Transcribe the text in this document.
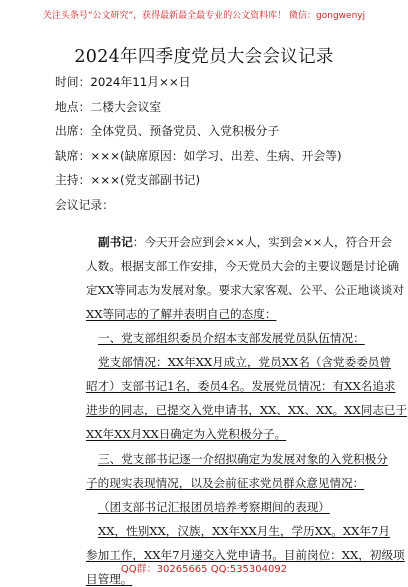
关注头条号“公文研究”，获得最新最全最专业的公文资料库！ 微信：gongwenyj
2024年四季度党员大会会议记录
时间：2024年11月××日
地点：二楼大会议室
出席：全体党员、预备党员、入党积极分子
缺席：×××(缺席原因：如学习、出差、生病、开会等)
主持：×××(党支部副书记)
会议记录：
副书记：今天开会应到会××人，实到会××人，符合开会
人数。根据支部工作安排，今天党员大会的主要议题是讨论确
定XX等同志为发展对象。要求大家客观、公平、公正地谈谈对
XX等同志的了解并表明自己的态度：
一、党支部组织委员介绍本支部发展党员队伍情况：
党支部情况：XX年XX月成立，党员XX名（含党委委员曾
昭才）支部书记1名，委员4名。发展党员情况：有XX名追求
进步的同志，已提交入党申请书，XX、XX、XX。XX同志已于
XX年XX月XX日确定为入党积极分子。
三、党支部书记逐一介绍拟确定为发展对象的入党积极分
子的现实表现情况，以及会前征求党员群众意见情况：
（团支部书记汇报团员培养考察期间的表现）
XX，性别XX，汉族，XX年XX月生，学历XX。XX年7月
参加工作，XX年7月递交入党申请书。目前岗位：XX，初级项
目管理。
QQ群：30265665 QQ:535304092
